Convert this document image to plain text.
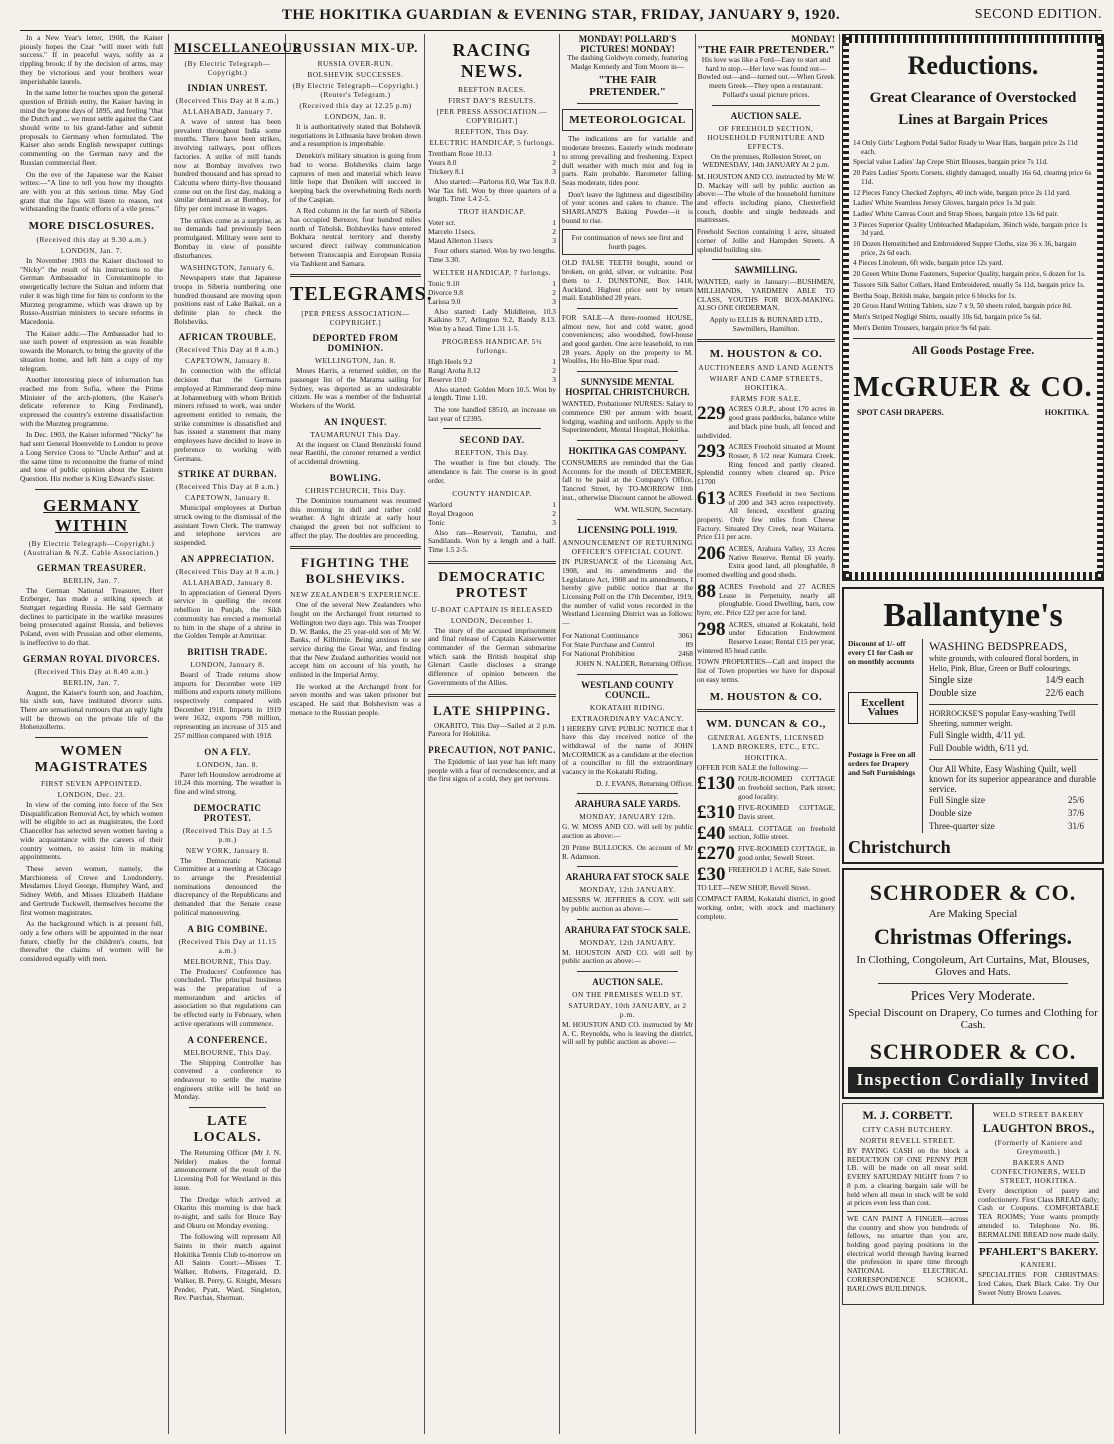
THE HOKITIKA GUARDIAN & EVENING STAR, FRIDAY, JANUARY 9, 1920.	SECOND EDITION.

In a New Year's letter, 1908, the Kaiser piously hopes the Czar "will meet with full success." If in peaceful ways, softly as a rippling brook; if by the decision of arms, may they be victorious and your brothers wear imperishable laurels.

In the same letter he touches upon the general question of British entity, the Kaiser having in mind the bygone days of 1895, and feeling "that the Dutch and ... we must settle against the Cant should write to his grand-father and submit proposals to Germany when formulated. The Kaiser also sends English newspaper cuttings commenting on the German navy and the Russian commercial fleet.

On the eve of the Japanese war the Kaiser writes:—"A line to tell you how my thoughts are with you at this serious time. May God grant that the Japs will listen to reason, not withstanding the frantic efforts of a vile press."

MORE DISCLOSURES.
(Received this day at 9.30 a.m.)
LONDON, Jan. 7.

In November 1903 the Kaiser disclosed to "Nicky" the result of his instructions to the German Ambassador in Constantinople to energetically lecture the Sultan and inform that ruler it was high time for him to conform to the Murzteg programme, which was drawn up by Russo-Austrian ministers to secure reforms in Macedonia.

The Kaiser adds:—The Ambassador had to use such power of expression as was feasible towards the Monarch, to bring the gravity of the situation home, and left him a copy of my telegram.

Another interesting piece of information has reached me from Sofia, where the Prime Minister of the arch-plotters, (the Kaiser's delicate reference to King Ferdinand), expressed the country's extreme dissatisfaction with the Murzteg programme.

In Dec. 1903, the Kaiser informed "Nicky" he had sent General Hoenvelde to London to prove a Long Service Cross to "Uncle Arthur" and at the same time to reconnoitre the frame of mind and tone of public opinion about the Eastern Question. His mother is King Edward's sister.

GERMANY WITHIN
(By Electric Telegraph—Copyright.) (Australian & N.Z. Cable Association.)
GERMAN TREASURER.
BERLIN, Jan. 7.

The German National Treasurer, Herr Erzberger, has made a striking speech at Stuttgart regarding Russia. He said Germany declines to participate in the warlike measures being prosecuted against Russia, and believes Poland, even with Prussian and other elements, is ineffective to do that.

GERMAN ROYAL DIVORCES.
(Received This Day at 8.40 a.m.)
BERLIN, Jan. 7.

August, the Kaiser's fourth son, and Joachim, his sixth son, have instituted divorce suits. There are sensational rumours that an ugly light will be thrown on the private life of the Hohenzollerns.

WOMEN MAGISTRATES
FIRST SEVEN APPOINTED.
LONDON, Dec. 23.

In view of the coming into force of the Sex Disqualification Removal Act, by which women will be eligible to act as magistrates, the Lord Chancellor has selected seven women having a wide acquaintance with the careers of their country women, to assist him in making appointments.

These seven women, namely, the Marchioness of Crewe and Londonderry, Mesdames Lloyd George, Humphry Ward, and Sidney Webb, and Misses Elizabeth Haldane and Gertrude Tuckwell, themselves become the first women magistrates.

As the background which is at present full, only a few others will be appointed in the near future, chiefly for the children's courts, but thereafter the claims of women will be considered equally with men.

MISCELLANEOUS
(By Electric Telegraph—Copyright.)
INDIAN UNREST.
(Received This Day at 8 a.m.)
ALLAHABAD, January 7.

A wave of unrest has been prevalent throughout India some months. There have been strikes, involving railways, post offices factories. A strike of mill hands now at Bombay involves two hundred thousand and has spread to Calcutta where thirty-five thousand come out on the first day, making a similar demand as at Bombay, for fifty per cent increase in wages.

The strikes come as a surprise, as no demands had previously been promulgated. Military were sent to Bombay in view of possible disturbances.

WASHINGTON, January 6.

Newspapers state that Japanese troops in Siberia numbering one hundred thousand are moving upon positions east of Lake Baikal, on a definite plan to check the Bolsheviks.

AFRICAN TROUBLE.
(Received This Day at 8 a.m.)
CAPETOWN, January 8.

In connection with the official decision that the Germans employed at Rimmerand deep mine at Johannesburg with whom British miners refused to work, was under agreement entitled to remain, the strike committee is dissatisfied and has issued a statement that many employees have decided to leave in preference to working with Germans.

STRIKE AT DURBAN.
(Received This Day at 8 a.m.)
CAPETOWN, January 8.

Municipal employees at Durban struck owing to the dismissal of the assistant Town Clerk. The tramway and telephone services are suspended.

AN APPRECIATION.
(Received This Day at 8 a.m.)
ALLAHABAD, January 8.

In appreciation of General Dyers service in quelling the recent rebellion in Punjab, the Sikh community has erected a memorial to him in the shape of a shrine in the Golden Temple at Amritsar.

BRITISH TRADE.
LONDON, January 8.

Board of Trade returns show imports for December were 169 millions and exports ninety millions respectively compared with December 1918. Imports in 1919 were 1632, exports 798 million, representing an increase of 315 and 257 million compared with 1918.

ON A FLY.
LONDON, Jan. 8.

Parer left Hounslow aerodrome at 10.24 this morning. The weather is fine and wind strong.

DEMOCRATIC PROTEST.
(Received This Day at 1.5 p.m.)
NEW YORK, January 8.

The Democratic National Committee at a meeting at Chicago to arrange the Presidential nominations denounced the discrepancy of the Republicans and demanded that the Senate cease political manoeuvring.

A BIG COMBINE.
(Received This Day at 11.15 a.m.)
MELBOURNE, This Day.

The Producers' Conference has concluded. The principal business was the preparation of a memorandum and articles of association so that regulations can be effected early in February, when active operations will commence.

A CONFERENCE.
MELBOURNE, This Day.

The Shipping Controller has convened a conference to endeavour to settle the marine engineers strike will be held on Monday.

LATE LOCALS.

The Returning Officer (Mr J. N. Nelder) makes the formal announcement of the result of the Licensing Poll for Westland in this issue.

The Dredge which arrived at Okarito this morning is due back to-night, and sails for Bruce Bay and Okuru on Monday evening.

The following will represent All Saints in their match against Hokitika Tennis Club to-morrow on All Saints Court:—Misses T. Walker, Roberts, Fitzgerald, D. Walker, B. Perry, G. Knight, Messrs Pender, Pyatt, Ward, Singleton, Rev. Purchas, Sherman.

RUSSIAN MIX-UP.
RUSSIA OVER-RUN.
BOLSHEVIK SUCCESSES.
(By Electric Telegraph—Copyright.) (Reuter's Telegram.)
(Received this day at 12.25 p.m)
LONDON, Jan. 8.

It is authoritatively stated that Bolshevik negotiations in Lithuania have broken down and a resumption is improbable.

Denekin's military situation is going from bad to worse. Bolsheviks claim large captures of men and material which leave little hope that Deniken will succeed in keeping back the overwhelming Reds north of the Caspian.

A Red column in the far north of Siberia has occupied Berezov, four hundred miles north of Tobolsk. Bolsheviks have entered Bokhara neutral territory and thereby secured direct railway communication between Transcaspia and European Russia via Tashkent and Samara.

TELEGRAMS.
[PER PRESS ASSOCIATION—COPYRIGHT.]
DEPORTED FROM DOMINION.
WELLINGTON, Jan. 8.

Moses Harris, a returned soldier, on the passenger list of the Marama sailing for Sydney, was deported as an undesirable citizen. He was a member of the Industrial Workers of the World.

AN INQUEST.
TAUMARUNUI This Day.

At the inquest on Claud Benzinski found near Raetihi, the coroner returned a verdict of accidental drowning.

BOWLING.
CHRISTCHURCH, This Day.

The Dominion tournament was resumed this morning in dull and rather cold weather. A light drizzle at early hour changed the green but not sufficient to affect the play. The doubles are proceeding.

FIGHTING THE BOLSHEVIKS.
NEW ZEALANDER'S EXPERIENCE.

One of the several New Zealanders who fought on the Archangel front returned to Wellington two days ago. This was Trooper D. W. Banks, the 25 year-old son of Mr W. Banks, of Kilbirnie. Being anxious to see service during the Great War, and finding that the New Zealand authorities would not accept him on account of his youth, he enlisted in the Imperial Army.

He worked at the Archangel front for seven months and was taken prisoner but escaped. He said that Bolshevism was a menace to the Russian people.

RACING NEWS.
REEFTON RACES.
FIRST DAY'S RESULTS.
[PER PRESS ASSOCIATION.—COPYRIGHT.]
REEFTON, This Day.
ELECTRIC HANDICAP, 5 furlongs.
Trentham Rose 10.13	1
Yours 8.0	2
Trickery 8.1	3

Also started:—Parlorus 8.0, War Tax 8.0. War Tax fell. Won by three quarters of a length. Time 1.4 2-5.

TROT HANDICAP.
Voter scr.	1
Marcelo 11secs.	2
Maud Allerton 11secs	3

Four others started. Won by two lengths. Time 3.30.

WELTER HANDICAP, 7 furlongs.
Tonic 9.10	1
Divorce 9.8	2
Larissa 9.0	3

Also started: Lady Middleton, 10.3 Kaikino 9.7, Arlington 9.2, Randy 8.13. Won by a head. Time 1.31 1-5.

PROGRESS HANDICAP, 5½ furlongs.
High Heels 9.2	1
Rangi Aroha 8.12	2
Reserve 10.0	3

Also started: Golden Morn 10.5. Won by a length. Time 1.10.

The tote handled £8510, an increase on last year of £2395.

SECOND DAY.
REEFTON, This Day.

The weather is fine but cloudy. The attendance is fair. The course is in good order.

COUNTY HANDICAP.
Warlord	1
Royal Dragoon	2
Tonic	3

Also ran—Reservoir, Tautahu, and Sandilands. Won by a length and a half. Time 1.5 2-5.

DEMOCRATIC PROTEST
U-BOAT CAPTAIN IS RELEASED
LONDON, December 1.

The story of the accused imprisonment and final release of Captain Kaiserwetter commander of the German submarine which sank the British hospital ship Glenart Castle discloses a strange difference of opinion between the Governments of the Allies.

LATE SHIPPING.

OKARITO, This Day—Sailed at 2 p.m. Pareora for Hokitika.

PRECAUTION, NOT PANIC.

The Epidemic of last year has left many people with a fear of recrudescence, and at the first signs of a cold, they get nervous.

MONDAY! POLLARD'S PICTURES! MONDAY!

The dashing Goldwyn comedy, featuring Madge Kennedy and Tom Moore in—

"THE FAIR PRETENDER."
METEOROLOGICAL

The indications are for variable and moderate breezes. Easterly winds moderate to strong prevailing and freshening. Expect dull weather with much mist and fog in parts. Rain probable. Barometer falling. Seas moderate, tides poor.

Don't leave the lightness and digestibility of your scones and cakes to chance. The SHARLAND'S Baking Powder—it is bound to rise.

For continuation of news see first and fourth pages.

OLD FALSE TEETH bought, sound or broken, on gold, silver, or vulcanite. Post them to J. DUNSTONE, Box 1418, Auckland. Highest price sent by return mail. Established 28 years.

FOR SALE—A three-roomed HOUSE, almost new, hot and cold water, good conveniences; also woodshed, fowl-house and good garden. One acre leasehold, to run 28 years. Apply on the property to M. Woulfes, Ho Ho-Blue Spur road.

SUNNYSIDE MENTAL HOSPITAL CHRISTCHURCH.

WANTED, Probationer NURSES: Salary to commence £90 per annum with board, lodging, washing and uniform. Apply to the Superintendent, Mental Hospital, Hokitika.

HOKITIKA GAS COMPANY.

CONSUMERS are reminded that the Gas Accounts for the month of DECEMBER, fall to be paid at the Company's Office, Tancred Street, by TO-MORROW 10th inst., otherwise Discount cannot be allowed.

WM. WILSON, Secretary.

LICENSING POLL 1919.
ANNOUNCEMENT OF RETURNING OFFICER'S OFFICIAL COUNT.

IN PURSUANCE of the Licensing Act, 1908, and its amendments and the Legislature Act, 1908 and its amendments, I hereby give public notice that at the Licensing Poll on the 17th December, 1919, the number of valid votes recorded in the Westland Licensing District was as follows:—

For National Continuance	3061
For State Purchase and Control	89
For National Prohibition	2468

JOHN N. NALDER, Returning Officer.

WESTLAND COUNTY COUNCIL.
KOKATAHI RIDING.
EXTRAORDINARY VACANCY.

I HEREBY GIVE PUBLIC NOTICE that I have this day received notice of the withdrawal of the name of JOHN McCORMICK as a candidate at the election of a councillor to fill the extraordinary vacancy in the Kokatahi Riding.

D. J. EVANS, Returning Officer.

ARAHURA SALE YARDS.
MONDAY, JANUARY 12th.

G. W. MOSS AND CO. will sell by public auction as above:—

20 Prime BULLOCKS. On account of Mr R. Adamson.

ARAHURA FAT STOCK SALE
MONDAY, 12th JANUARY.

MESSRS W. JEFFRIES & COY. will sell by public auction as above:—

ARAHURA FAT STOCK SALE.
MONDAY, 12th JANUARY.

M. HOUSTON AND CO. will sell by public auction as above:—

AUCTION SALE.
ON THE PREMISES WELD ST.
SATURDAY, 10th JANUARY, at 2 p.m.

M. HOUSTON AND CO. instructed by Mr A. C. Reynolds, who is leaving the district, will sell by public auction as above:—

MONDAY!
"THE FAIR PRETENDER."

His love was like a Ford—Easy to start and hard to stop.—Her love was found out—Bowled out—and—turned out.—When Greek meets Greek—They open a restaurant. Pollard's usual picture prices.

AUCTION SALE.
OF FREEHOLD SECTION, HOUSEHOLD FURNITURE AND EFFECTS.

On the premises, Rolleston Street, on WEDNESDAY, 14th JANUARY At 2 p.m.

M. HOUSTON AND CO. instructed by Mr W. D. Mackay will sell by public auction as above:—The whole of the household furniture and effects including piano, Chesterfield couch, double and single bedsteads and mattresses.

Freehold Section containing 1 acre, situated corner of Jollie and Hampden Streets. A splendid building site.

SAWMILLING.

WANTED, early in January:—BUSHMEN, MILLHANDS, YARDMEN ABLE TO CLASS, YOUTHS FOR BOX-MAKING. ALSO ONE ORDERMAN.

Apply to ELLIS & BURNARD LTD., Sawmillers, Hamilton.

M. HOUSTON & CO.
AUCTIONEERS AND LAND AGENTS
WHARF AND CAMP STREETS, HOKITIKA.
FARMS FOR SALE.

229 ACRES O.R.P., about 170 acres in good grass paddocks, balance white and black pine bush, all fenced and subdivided.

293 ACRES Freehold situated at Mount Rosser, 8 1/2 near Kumara Creek. Ring fenced and partly cleared. Splendid country when cleared up. Price £1700

613 ACRES Freehold in two Sections of 200 and 343 acres respectively. All fenced, excellent grazing property. Only few miles from Cheese Factory. Situated Dry Creek, near Waitarra. Price £11 per acre.

206 ACRES, Arahura Valley, 33 Acres Native Reserve. Rental £6 yearly. Extra good land, all ploughable, 8 roomed dwelling and good sheds.

88 ACRES Freehold and 27 ACRES Lease in Perpetuity, nearly all ploughable. Good Dwelling, barn, cow byre, etc. Price £22 per acre for land.

298 ACRES, situated at Kokatahi, held under Education Endowment Reserve Lease; Rental £15 per year, wintered 85 head cattle.

TOWN PROPERTIES—Call and inspect the list of Town properties we have for disposal on easy terms.

M. HOUSTON & CO.
WM. DUNCAN & CO.,
GENERAL AGENTS, LICENSED LAND BROKERS, ETC., ETC.
HOKITIKA.

OFFER FOR SALE the following:—

£130 FOUR-ROOMED COTTAGE on freehold section, Park street; good locality.

£310 FIVE-ROOMED COTTAGE, Davis street.

£40 SMALL COTTAGE on freehold section, Jollie street.

£270 FIVE-ROOMED COTTAGE, in good order, Sewell Street.

£30 FREEHOLD 1 ACRE, Sale Street.

TO LET—NEW SHOP, Revell Street.

COMPACT FARM, Kokatahi district, in good working order, with stock and machinery complete.

Reductions.
Great Clearance of Overstocked Lines at Bargain Prices

14 Only Girls' Leghorn Pedal Sailor Ready to Wear Hats, bargain price 2s 11d each.

Special value Ladies' Jap Crepe Shirt Blouses, bargain price 7s 11d.

20 Pairs Ladies' Sports Corsets, slightly damaged, usually 16s 6d, clearing price 6s 11d.

12 Pieces Fancy Checked Zephyrs, 40 inch wide, bargain price 2s 11d yard.

Ladies' White Seamless Jersey Gloves, bargain price 1s 3d pair.

Ladies' White Canvas Court and Strap Shoes, bargain price 13s 6d pair.

3 Pieces Superior Quality Unbleached Madapolam, 36inch wide, bargain price 1s 3d yard.

10 Dozen Hemstitched and Embroidered Supper Cloths, size 36 x 36, bargain price, 2s 6d each.

4 Pieces Linoleum, 6ft wide, bargain price 12s yard.

20 Green White Dome Fasteners, Superior Quality, bargain price, 6 dozen for 1s.

Tussore Silk Sailor Collars, Hand Embroidered, usually 5s 11d, bargain price 1s.

Bertha Soap, British make, bargain price 6 blocks for 1s.

20 Gross Hand Writing Tablets, size 7 x 9, 50 sheets ruled, bargain price 8d.

Men's Striped Negligé Shirts, usually 10s 6d, bargain price 5s 6d.

Men's Denim Trousers, bargain price 9s 6d pair.

All Goods Postage Free.
McGRUER & CO.
SPOT CASH DRAPERS.	HOKITIKA.
Ballantyne's
Discount of 1/- off every £1 for Cash or on monthly accounts
Excellent Values
Postage is Free on all orders for Drapery and Soft Furnishings
WASHING BEDSPREADS,
white grounds, with coloured floral borders, in Helio, Pink, Blue, Green or Buff colourings.
Single size	14/9 each
Double size	22/6 each
HORROCKSE'S popular Easy-washing Twill Sheeting, summer weight.
Full Single width, 4/11 yd.
Full Double width, 6/11 yd.
Our All White, Easy Washing Quilt, well known for its superior appearance and durable service.
Full Single size	25/6
Double size	37/6
Three-quarter size	31/6
Christchurch
SCHRODER & CO.
Are Making Special
Christmas Offerings.
In Clothing, Congoleum, Art Curtains, Mat, Blouses, Gloves and Hats.
Prices Very Moderate.
Special Discount on Drapery, Co tumes and Clothing for Cash.
SCHRODER & CO.
Inspection Cordially Invited
M. J. CORBETT.
CITY CASH BUTCHERY.
NORTH REVELL STREET.

BY PAYING CASH on the block a REDUCTION OF ONE PENNY PER LB. will be made on all meat sold. EVERY SATURDAY NIGHT from 7 to 8 p.m. a clearing bargain sale will be held when all meat in stock will be sold at prices even less than cost.

WE CAN PAINT A FINGER—across the country and show you hundreds of fellows, no smarter than you are, holding good paying positions in the electrical world through having learned the profession in spare time through NATIONAL ELECTRICAL CORRESPONDENCE SCHOOL, BARLOWS BUILDINGS.

WELD STREET BAKERY
LAUGHTON BROS.,
(Formerly of Kaniere and Greymouth.)
BAKERS AND CONFECTIONERS, WELD STREET, HOKITIKA.

Every description of pastry and confectionery. First Class BREAD daily; Cash or Coupons. COMFORTABLE TEA ROOMS; Your wants promptly attended to. Telephone No. 86. BERMALINE BREAD now made daily.

PFAHLERT'S BAKERY.
KANIERI.

SPECIALITIES FOR CHRISTMAS: Iced Cakes, Dark Black Cake. Try Our Sweet Nutty Brown Loaves.
